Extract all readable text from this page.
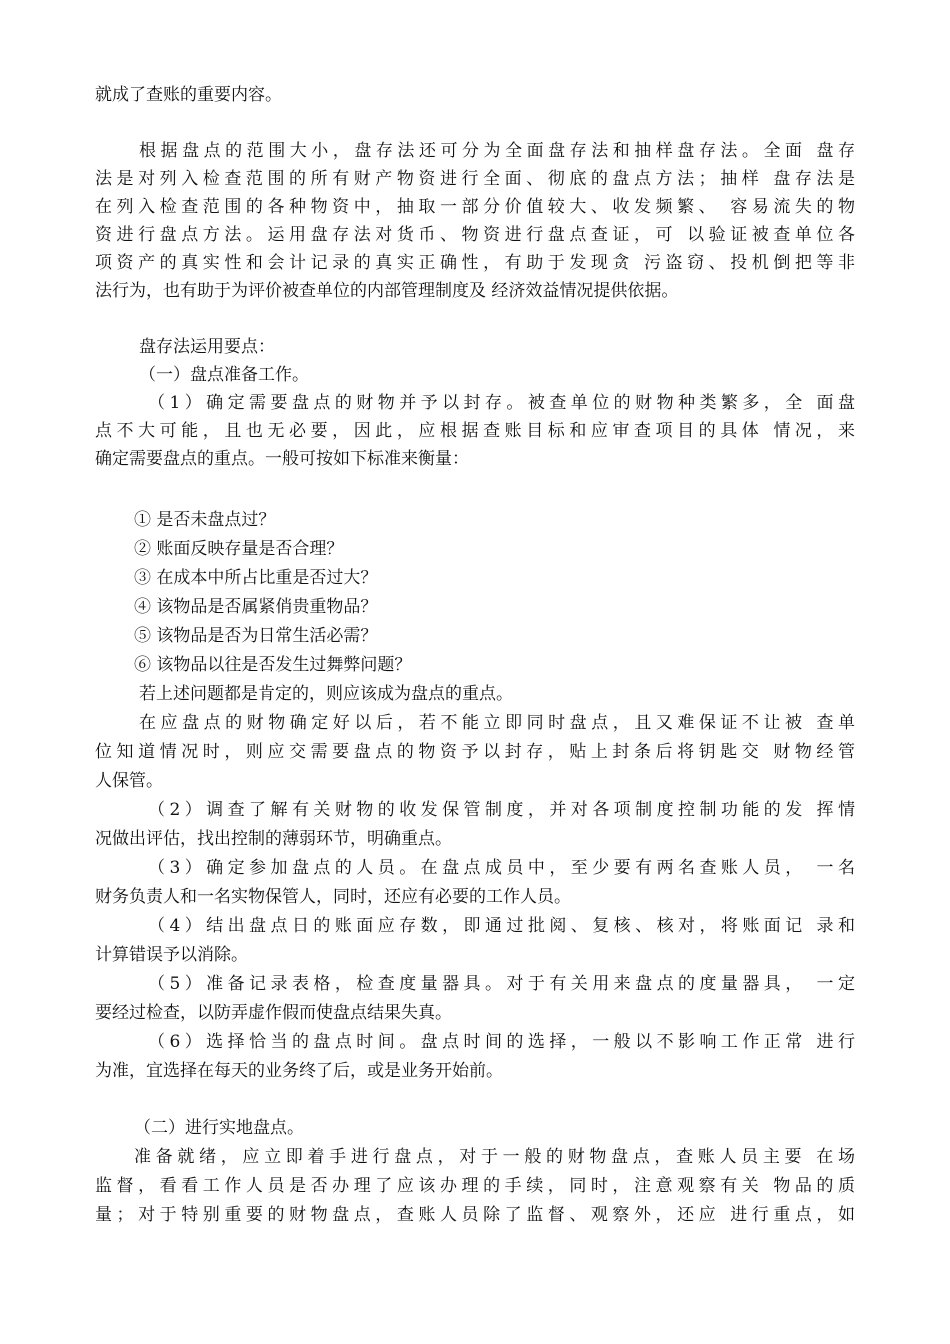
就成了查账的重要内容。
根据盘点的范围大小，盘存法还可分为全面盘存法和抽样盘存法。全面 盘存
法是对列入检查范围的所有财产物资进行全面、彻底的盘点方法；抽样 盘存法是
在列入检查范围的各种物资中，抽取一部分价值较大、收发频繁、 容易流失的物
资进行盘点方法。运用盘存法对货币、物资进行盘点查证，可 以验证被查单位各
项资产的真实性和会计记录的真实正确性，有助于发现贪 污盗窃、投机倒把等非
法行为，也有助于为评价被查单位的内部管理制度及 经济效益情况提供依据。
盘存法运用要点：
（一）盘点准备工作。
（1）确定需要盘点的财物并予以封存。被查单位的财物种类繁多，全 面盘
点不大可能，且也无必要，因此，应根据查账目标和应审查项目的具体 情况，来
确定需要盘点的重点。一般可按如下标准来衡量：
① 是否未盘点过？
② 账面反映存量是否合理？
③ 在成本中所占比重是否过大？
④ 该物品是否属紧俏贵重物品？
⑤ 该物品是否为日常生活必需？
⑥ 该物品以往是否发生过舞弊问题？
若上述问题都是肯定的，则应该成为盘点的重点。
在应盘点的财物确定好以后，若不能立即同时盘点，且又难保证不让被 查单
位知道情况时，则应交需要盘点的物资予以封存，贴上封条后将钥匙交 财物经管
人保管。
（2）调查了解有关财物的收发保管制度，并对各项制度控制功能的发 挥情
况做出评估，找出控制的薄弱环节，明确重点。
（3）确定参加盘点的人员。在盘点成员中，至少要有两名查账人员， 一名
财务负责人和一名实物保管人，同时，还应有必要的工作人员。
（4）结出盘点日的账面应存数，即通过批阅、复核、核对，将账面记 录和
计算错误予以消除。
（5）准备记录表格，检查度量器具。对于有关用来盘点的度量器具， 一定
要经过检查，以防弄虚作假而使盘点结果失真。
（6）选择恰当的盘点时间。盘点时间的选择，一般以不影响工作正常 进行
为准，宜选择在每天的业务终了后，或是业务开始前。
（二）进行实地盘点。
准备就绪，应立即着手进行盘点，对于一般的财物盘点，查账人员主要 在场
监督，看看工作人员是否办理了应该办理的手续，同时，注意观察有关 物品的质
量；对于特别重要的财物盘点，查账人员除了监督、观察外，还应 进行重点，如
